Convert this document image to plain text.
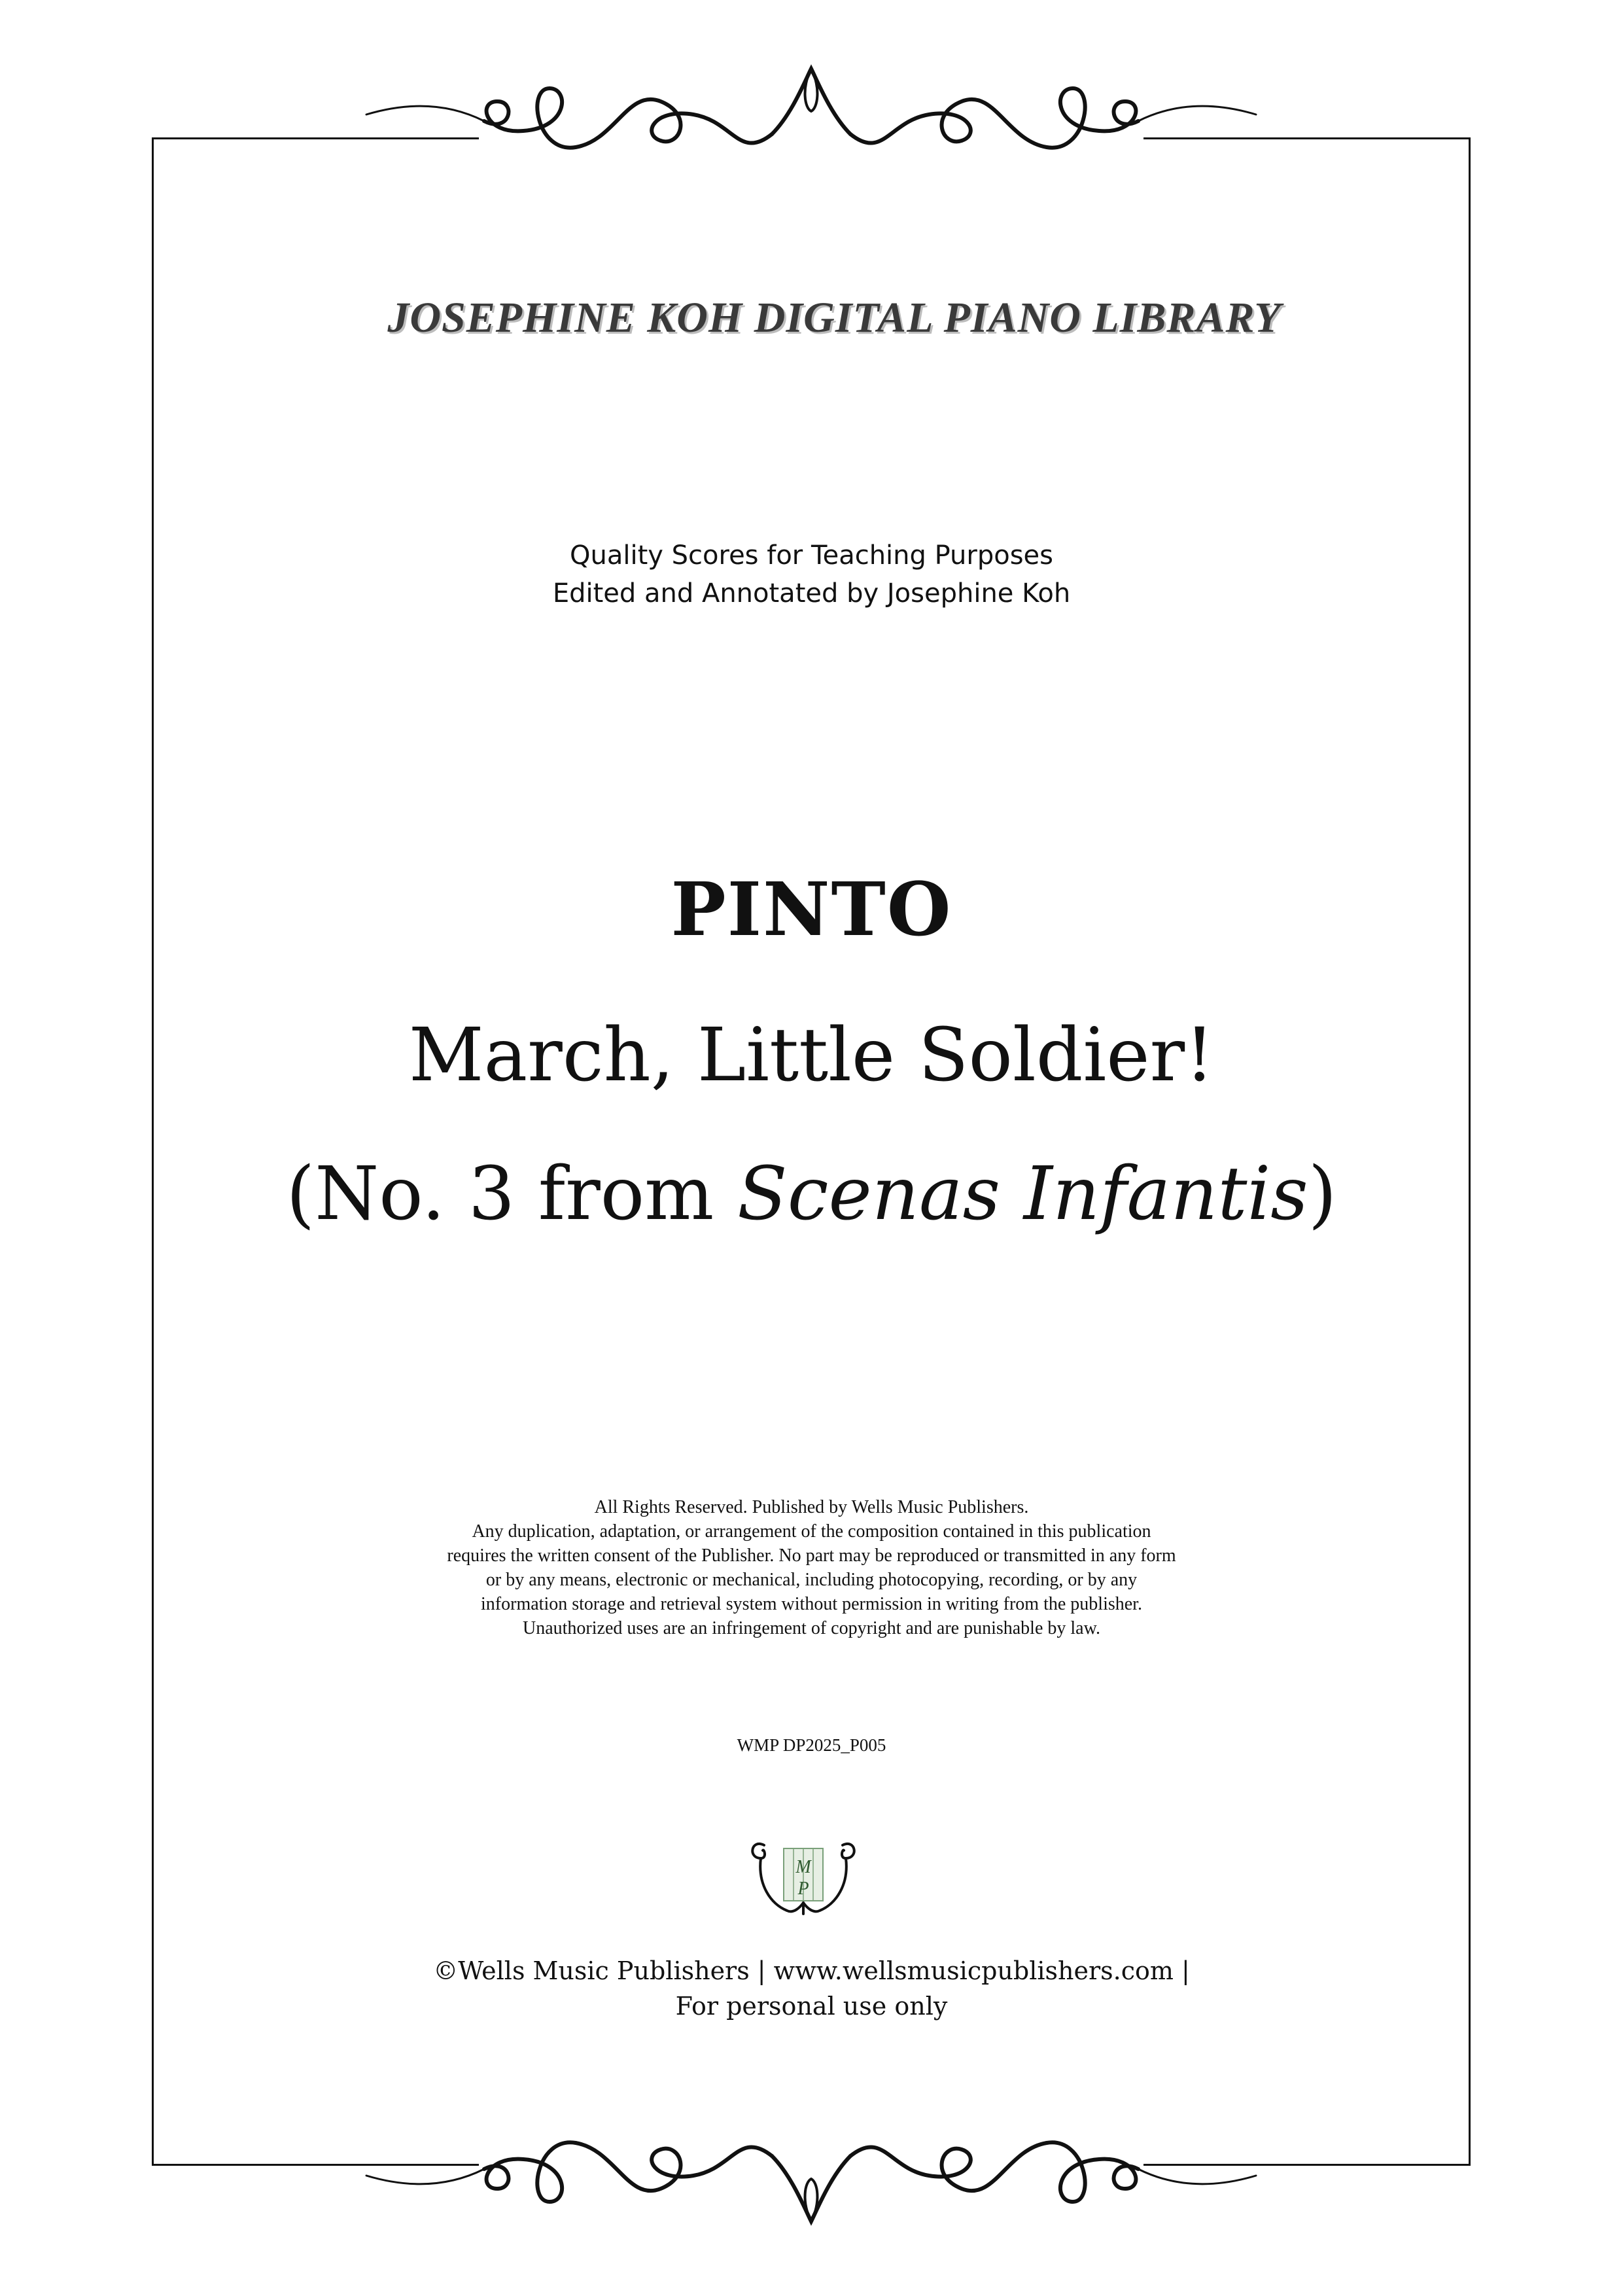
JOSEPHINE KOH DIGITAL PIANO LIBRARY
Quality Scores for Teaching Purposes
Edited and Annotated by Josephine Koh
PINTO
March, Little Soldier!
(No. 3 from Scenas Infantis)
All Rights Reserved. Published by Wells Music Publishers.
Any duplication, adaptation, or arrangement of the composition contained in this publication
requires the written consent of the Publisher. No part may be reproduced or transmitted in any form
or by any means, electronic or mechanical, including photocopying, recording, or by any
information storage and retrieval system without permission in writing from the publisher.
Unauthorized uses are an infringement of copyright and are punishable by law.
WMP DP2025_P005
M
P
©Wells Music Publishers | www.wellsmusicpublishers.com |
For personal use only
